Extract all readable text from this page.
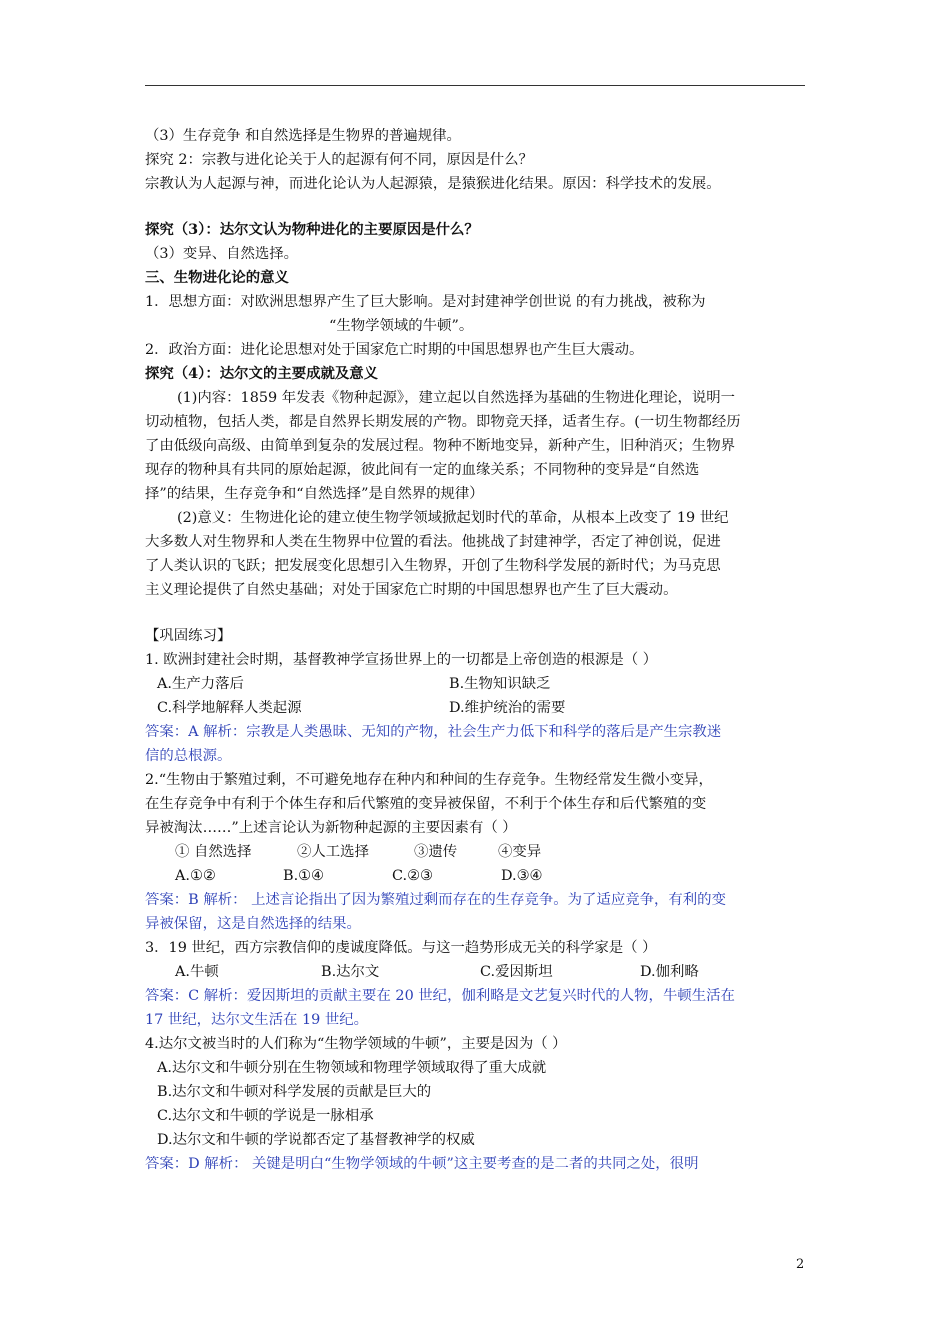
（3）生存竞争 和自然选择是生物界的普遍规律。
探究 2：宗教与进化论关于人的起源有何不同，原因是什么？
宗教认为人起源与神，而进化论认为人起源猿，是猿猴进化结果。原因：科学技术的发展。
探究（3）：达尔文认为物种进化的主要原因是什么？
（3）变异、自然选择。
三、生物进化论的意义
1．思想方面：对欧洲思想界产生了巨大影响。是对封建神学创世说 的有力挑战，被称为
“生物学领域的牛顿”。
2．政治方面：进化论思想对处于国家危亡时期的中国思想界也产生巨大震动。
探究（4）：达尔文的主要成就及意义
(1)内容：1859 年发表《物种起源》，建立起以自然选择为基础的生物进化理论，说明一
切动植物，包括人类，都是自然界长期发展的产物。即物竞天择，适者生存。(一切生物都经历
了由低级向高级、由简单到复杂的发展过程。物种不断地变异，新种产生，旧种消灭；生物界
现存的物种具有共同的原始起源，彼此间有一定的血缘关系；不同物种的变异是“自然选
择”的结果，生存竞争和“自然选择”是自然界的规律）
(2)意义：生物进化论的建立使生物学领域掀起划时代的革命，从根本上改变了 19 世纪
大多数人对生物界和人类在生物界中位置的看法。他挑战了封建神学，否定了神创说，促进
了人类认识的飞跃；把发展变化思想引入生物界，开创了生物科学发展的新时代；为马克思
主义理论提供了自然史基础；对处于国家危亡时期的中国思想界也产生了巨大震动。
【巩固练习】
1. 欧洲封建社会时期，基督教神学宣扬世界上的一切都是上帝创造的根源是（ ）
A.生产力落后	B.生物知识缺乏
C.科学地解释人类起源	D.维护统治的需要
答案：A 解析：宗教是人类愚昧、无知的产物，社会生产力低下和科学的落后是产生宗教迷
信的总根源。
2.“生物由于繁殖过剩，不可避免地存在种内和种间的生存竞争。生物经常发生微小变异，
在生存竞争中有利于个体生存和后代繁殖的变异被保留，不利于个体生存和后代繁殖的变
异被淘汰……”上述言论认为新物种起源的主要因素有（ ）
① 自然选择	②人工选择	③遗传	④变异
A.①②	B.①④	C.②③	D.③④
答案：B 解析： 上述言论指出了因为繁殖过剩而存在的生存竞争。为了适应竞争，有利的变
异被保留，这是自然选择的结果。
3．19 世纪，西方宗教信仰的虔诚度降低。与这一趋势形成无关的科学家是（ ）
A.牛顿	B.达尔文	C.爱因斯坦	D.伽利略
答案：C 解析：爱因斯坦的贡献主要在 20 世纪，伽利略是文艺复兴时代的人物，牛顿生活在
17 世纪，达尔文生活在 19 世纪。
4.达尔文被当时的人们称为“生物学领域的牛顿”，主要是因为（ ）
A.达尔文和牛顿分别在生物领域和物理学领域取得了重大成就
B.达尔文和牛顿对科学发展的贡献是巨大的
C.达尔文和牛顿的学说是一脉相承
D.达尔文和牛顿的学说都否定了基督教神学的权威
答案：D 解析： 关键是明白“生物学领域的牛顿”这主要考查的是二者的共同之处，很明
2
